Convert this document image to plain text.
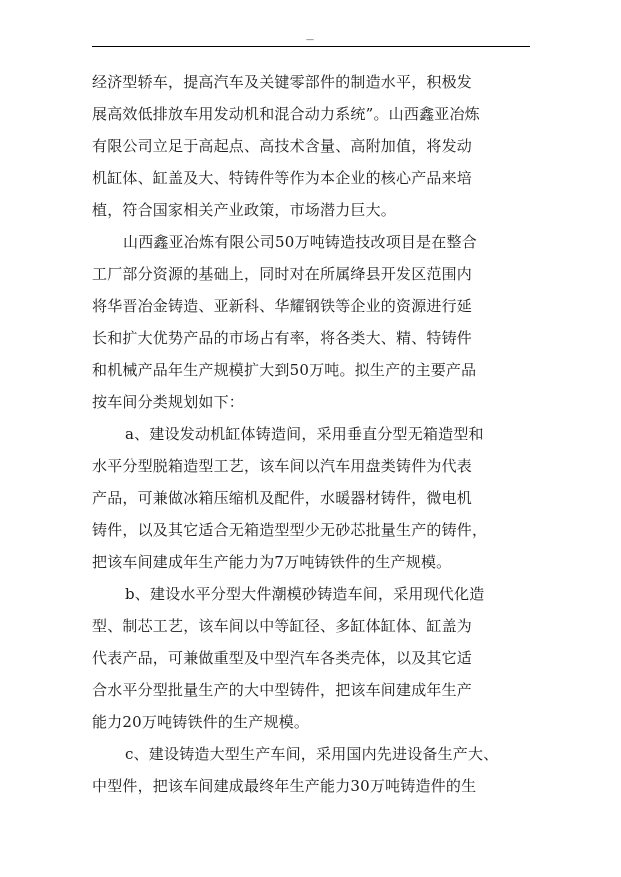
—
经济型轿车，提高汽车及关键零部件的制造水平，积极发
展高效低排放车用发动机和混合动力系统”。山西鑫亚冶炼
有限公司立足于高起点、高技术含量、高附加值，将发动
机缸体、缸盖及大、特铸件等作为本企业的核心产品来培
植，符合国家相关产业政策，市场潜力巨大。
山西鑫亚冶炼有限公司50万吨铸造技改项目是在整合
工厂部分资源的基础上，同时对在所属绛县开发区范围内
将华晋冶金铸造、亚新科、华耀钢铁等企业的资源进行延
长和扩大优势产品的市场占有率，将各类大、精、特铸件
和机械产品年生产规模扩大到50万吨。拟生产的主要产品
按车间分类规划如下：
a、建设发动机缸体铸造间，采用垂直分型无箱造型和
水平分型脱箱造型工艺，该车间以汽车用盘类铸件为代表
产品，可兼做冰箱压缩机及配件，水暖器材铸件，微电机
铸件，以及其它适合无箱造型型少无砂芯批量生产的铸件，
把该车间建成年生产能力为7万吨铸铁件的生产规模。
b、建设水平分型大件潮模砂铸造车间，采用现代化造
型、制芯工艺，该车间以中等缸径、多缸体缸体、缸盖为
代表产品，可兼做重型及中型汽车各类壳体，以及其它适
合水平分型批量生产的大中型铸件，把该车间建成年生产
能力20万吨铸铁件的生产规模。
c、建设铸造大型生产车间，采用国内先进设备生产大、
中型件，把该车间建成最终年生产能力30万吨铸造件的生
